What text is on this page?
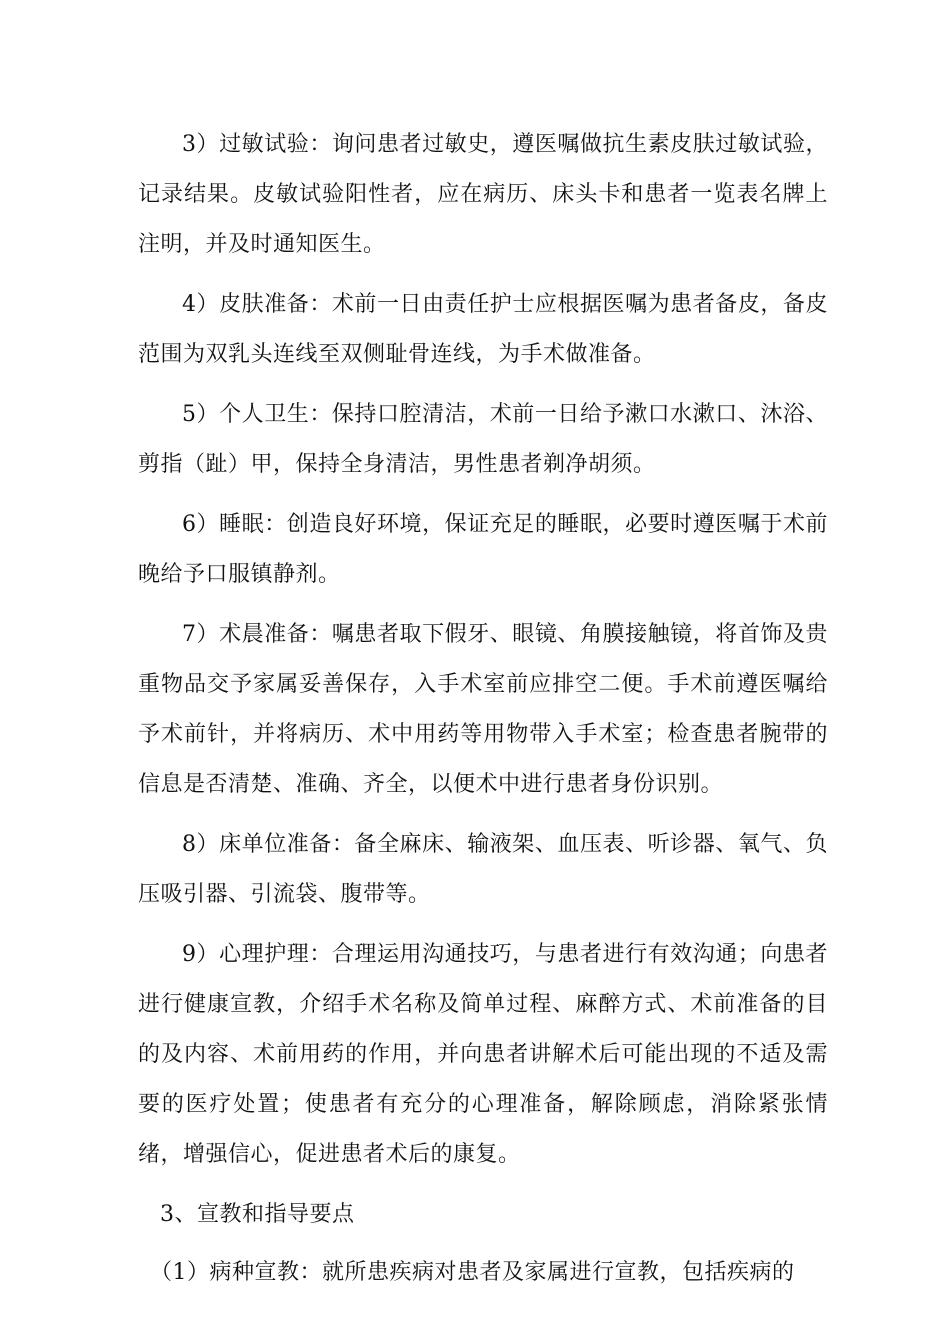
3）过敏试验：询问患者过敏史，遵医嘱做抗生素皮肤过敏试验，记录结果。皮敏试验阳性者，应在病历、床头卡和患者一览表名牌上注明，并及时通知医生。

4）皮肤准备：术前一日由责任护士应根据医嘱为患者备皮，备皮范围为双乳头连线至双侧耻骨连线，为手术做准备。

5）个人卫生：保持口腔清洁，术前一日给予漱口水漱口、沐浴、剪指（趾）甲，保持全身清洁，男性患者剃净胡须。

6）睡眠：创造良好环境，保证充足的睡眠，必要时遵医嘱于术前晚给予口服镇静剂。

7）术晨准备：嘱患者取下假牙、眼镜、角膜接触镜，将首饰及贵重物品交予家属妥善保存，入手术室前应排空二便。手术前遵医嘱给予术前针，并将病历、术中用药等用物带入手术室；检查患者腕带的信息是否清楚、准确、齐全，以便术中进行患者身份识别。

8）床单位准备：备全麻床、输液架、血压表、听诊器、氧气、负压吸引器、引流袋、腹带等。

9）心理护理：合理运用沟通技巧，与患者进行有效沟通；向患者进行健康宣教，介绍手术名称及简单过程、麻醉方式、术前准备的目的及内容、术前用药的作用，并向患者讲解术后可能出现的不适及需要的医疗处置；使患者有充分的心理准备，解除顾虑，消除紧张情绪，增强信心，促进患者术后的康复。

3、宣教和指导要点

（1）病种宣教：就所患疾病对患者及家属进行宣教，包括疾病的
